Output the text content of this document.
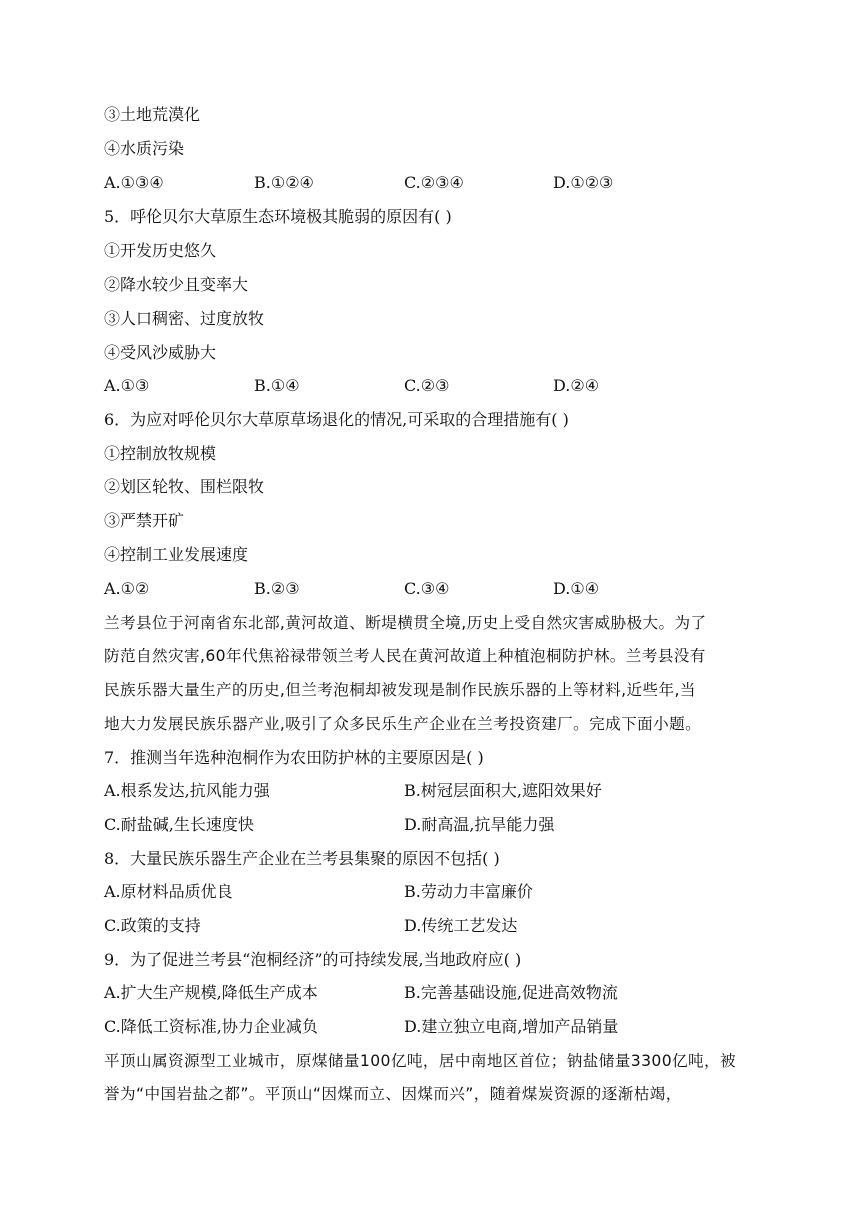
③土地荒漠化
④水质污染
A.①③④	B.①②④	C.②③④	D.①②③
5．呼伦贝尔大草原生态环境极其脆弱的原因有( )
①开发历史悠久
②降水较少且变率大
③人口稠密、过度放牧
④受风沙威胁大
A.①③	B.①④	C.②③	D.②④
6．为应对呼伦贝尔大草原草场退化的情况,可采取的合理措施有( )
①控制放牧规模
②划区轮牧、围栏限牧
③严禁开矿
④控制工业发展速度
A.①②	B.②③	C.③④	D.①④
兰考县位于河南省东北部,黄河故道、断堤横贯全境,历史上受自然灾害威胁极大。为了
防范自然灾害,60年代焦裕禄带领兰考人民在黄河故道上种植泡桐防护林。兰考县没有
民族乐器大量生产的历史,但兰考泡桐却被发现是制作民族乐器的上等材料,近些年,当
地大力发展民族乐器产业,吸引了众多民乐生产企业在兰考投资建厂。完成下面小题。
7．推测当年选种泡桐作为农田防护林的主要原因是( )
A.根系发达,抗风能力强	B.树冠层面积大,遮阳效果好
C.耐盐碱,生长速度快	D.耐高温,抗旱能力强
8．大量民族乐器生产企业在兰考县集聚的原因不包括( )
A.原材料品质优良	B.劳动力丰富廉价
C.政策的支持	D.传统工艺发达
9．为了促进兰考县“泡桐经济”的可持续发展,当地政府应( )
A.扩大生产规模,降低生产成本	B.完善基础设施,促进高效物流
C.降低工资标准,协力企业减负	D.建立独立电商,增加产品销量
平顶山属资源型工业城市，原煤储量100亿吨，居中南地区首位；钠盐储量3300亿吨，被
誉为“中国岩盐之都”。平顶山“因煤而立、因煤而兴”，随着煤炭资源的逐渐枯竭，
